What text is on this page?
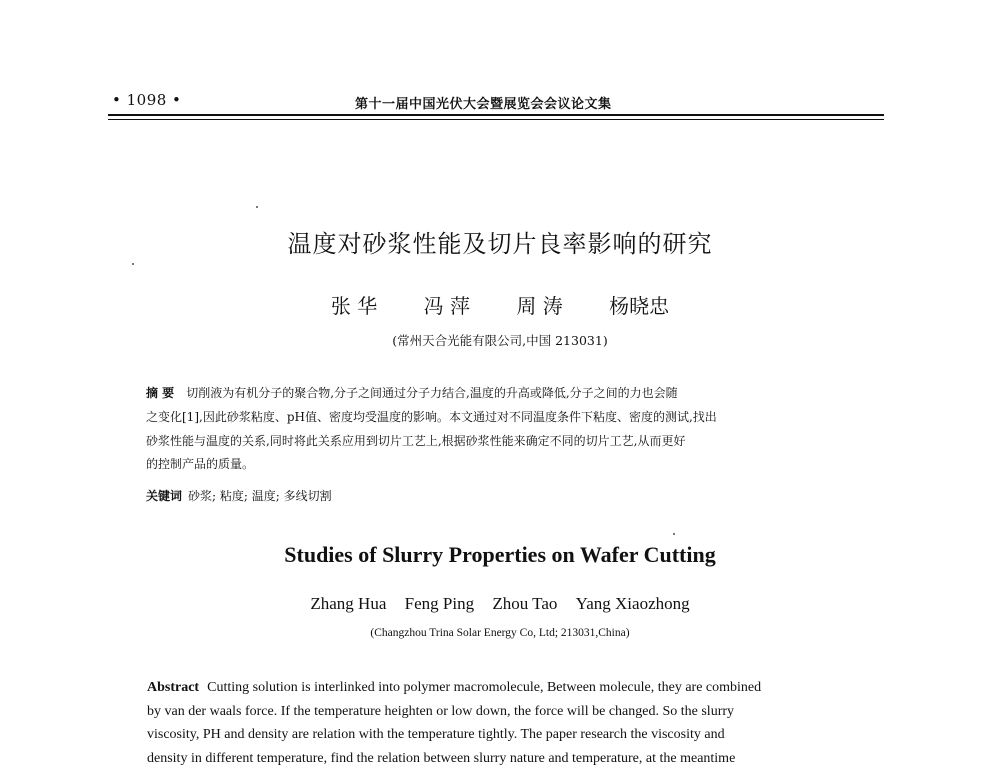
• 1098 •	第十一届中国光伏大会暨展览会会议论文集
温度对砂浆性能及切片良率影响的研究
张 华   冯 萍   周 涛   杨晓忠
(常州天合光能有限公司,中国 213031)
摘 要  切削液为有机分子的聚合物,分子之间通过分子力结合,温度的升高或降低,分子之间的力也会随
之变化[1],因此砂浆粘度、pH值、密度均受温度的影响。本文通过对不同温度条件下粘度、密度的测试,找出
砂浆性能与温度的关系,同时将此关系应用到切片工艺上,根据砂浆性能来确定不同的切片工艺,从而更好
的控制产品的质量。
关键词  砂浆; 粘度; 温度; 多线切割
Studies of Slurry Properties on Wafer Cutting
Zhang Hua Feng Ping Zhou Tao Yang Xiaozhong
(Changzhou Trina Solar Energy Co, Ltd; 213031,China)
Abstract Cutting solution is interlinked into polymer macromolecule, Between molecule, they are combined
by van der waals force. If the temperature heighten or low down, the force will be changed. So the slurry
viscosity, PH and density are relation with the temperature tightly. The paper research the viscosity and
density in different temperature, find the relation between slurry nature and temperature, at the meantime
